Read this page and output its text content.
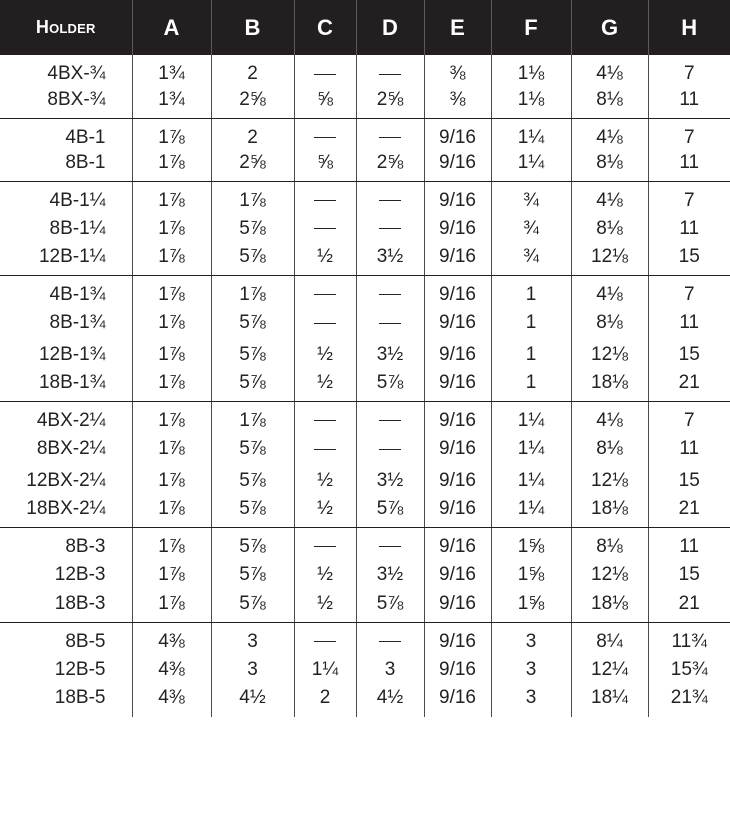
HOLDER	A	B	C	D	E	F	G	H
4BX-¾	1¾	2			⅜	1⅛	4⅛	7
8BX-¾	1¾	2⅝	⅝	2⅝	⅜	1⅛	8⅛	11
4B-1	1⅞	2			9/16	1¼	4⅛	7
8B-1	1⅞	2⅝	⅝	2⅝	9/16	1¼	8⅛	11
4B-1¼	1⅞	1⅞			9/16	¾	4⅛	7
8B-1¼	1⅞	5⅞			9/16	¾	8⅛	11
12B-1¼	1⅞	5⅞	½	3½	9/16	¾	12⅛	15
4B-1¾	1⅞	1⅞			9/16	1	4⅛	7
8B-1¾	1⅞	5⅞			9/16	1	8⅛	11
12B-1¾	1⅞	5⅞	½	3½	9/16	1	12⅛	15
18B-1¾	1⅞	5⅞	½	5⅞	9/16	1	18⅛	21
4BX-2¼	1⅞	1⅞			9/16	1¼	4⅛	7
8BX-2¼	1⅞	5⅞			9/16	1¼	8⅛	11
12BX-2¼	1⅞	5⅞	½	3½	9/16	1¼	12⅛	15
18BX-2¼	1⅞	5⅞	½	5⅞	9/16	1¼	18⅛	21
8B-3	1⅞	5⅞			9/16	1⅝	8⅛	11
12B-3	1⅞	5⅞	½	3½	9/16	1⅝	12⅛	15
18B-3	1⅞	5⅞	½	5⅞	9/16	1⅝	18⅛	21
8B-5	4⅜	3			9/16	3	8¼	11¾
12B-5	4⅜	3	1¼	3	9/16	3	12¼	15¾
18B-5	4⅜	4½	2	4½	9/16	3	18¼	21¾
